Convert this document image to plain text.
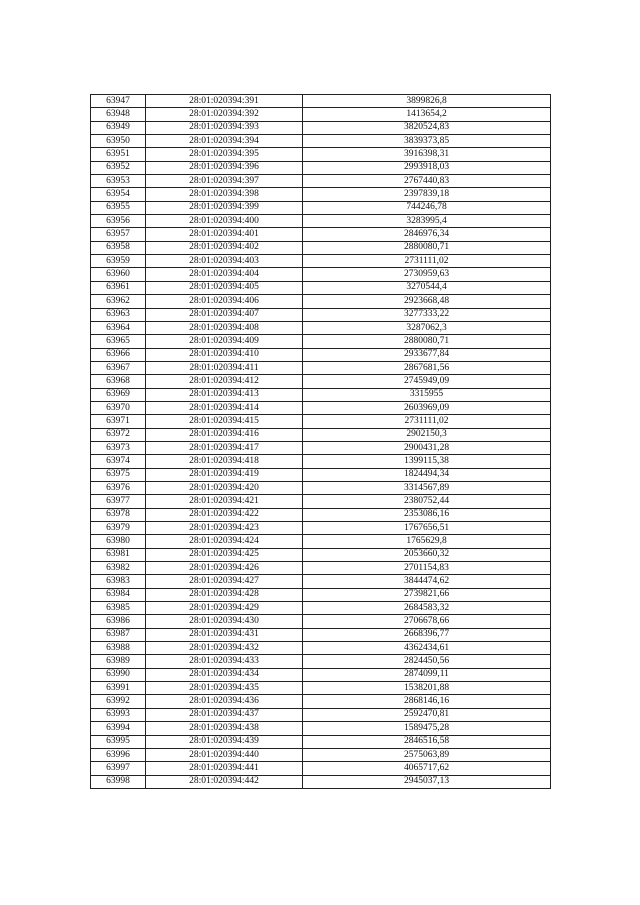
63947	28:01:020394:391	3899826,8
63948	28:01:020394:392	1413654,2
63949	28:01:020394:393	3820524,83
63950	28:01:020394:394	3839373,85
63951	28:01:020394:395	3916398,31
63952	28:01:020394:396	2993918,03
63953	28:01:020394:397	2767440,83
63954	28:01:020394:398	2397839,18
63955	28:01:020394:399	744246,78
63956	28:01:020394:400	3283995,4
63957	28:01:020394:401	2846976,34
63958	28:01:020394:402	2880080,71
63959	28:01:020394:403	2731111,02
63960	28:01:020394:404	2730959,63
63961	28:01:020394:405	3270544,4
63962	28:01:020394:406	2923668,48
63963	28:01:020394:407	3277333,22
63964	28:01:020394:408	3287062,3
63965	28:01:020394:409	2880080,71
63966	28:01:020394:410	2933677,84
63967	28:01:020394:411	2867681,56
63968	28:01:020394:412	2745949,09
63969	28:01:020394:413	3315955
63970	28:01:020394:414	2603969,09
63971	28:01:020394:415	2731111,02
63972	28:01:020394:416	2902150,3
63973	28:01:020394:417	2900431,28
63974	28:01:020394:418	1399115,38
63975	28:01:020394:419	1824494,34
63976	28:01:020394:420	3314567,89
63977	28:01:020394:421	2380752,44
63978	28:01:020394:422	2353086,16
63979	28:01:020394:423	1767656,51
63980	28:01:020394:424	1765629,8
63981	28:01:020394:425	2053660,32
63982	28:01:020394:426	2701154,83
63983	28:01:020394:427	3844474,62
63984	28:01:020394:428	2739821,66
63985	28:01:020394:429	2684583,32
63986	28:01:020394:430	2706678,66
63987	28:01:020394:431	2668396,77
63988	28:01:020394:432	4362434,61
63989	28:01:020394:433	2824450,56
63990	28:01:020394:434	2874099,11
63991	28:01:020394:435	1538201,88
63992	28:01:020394:436	2868146,16
63993	28:01:020394:437	2592470,81
63994	28:01:020394:438	1589475,28
63995	28:01:020394:439	2846516,58
63996	28:01:020394:440	2575063,89
63997	28:01:020394:441	4065717,62
63998	28:01:020394:442	2945037,13
